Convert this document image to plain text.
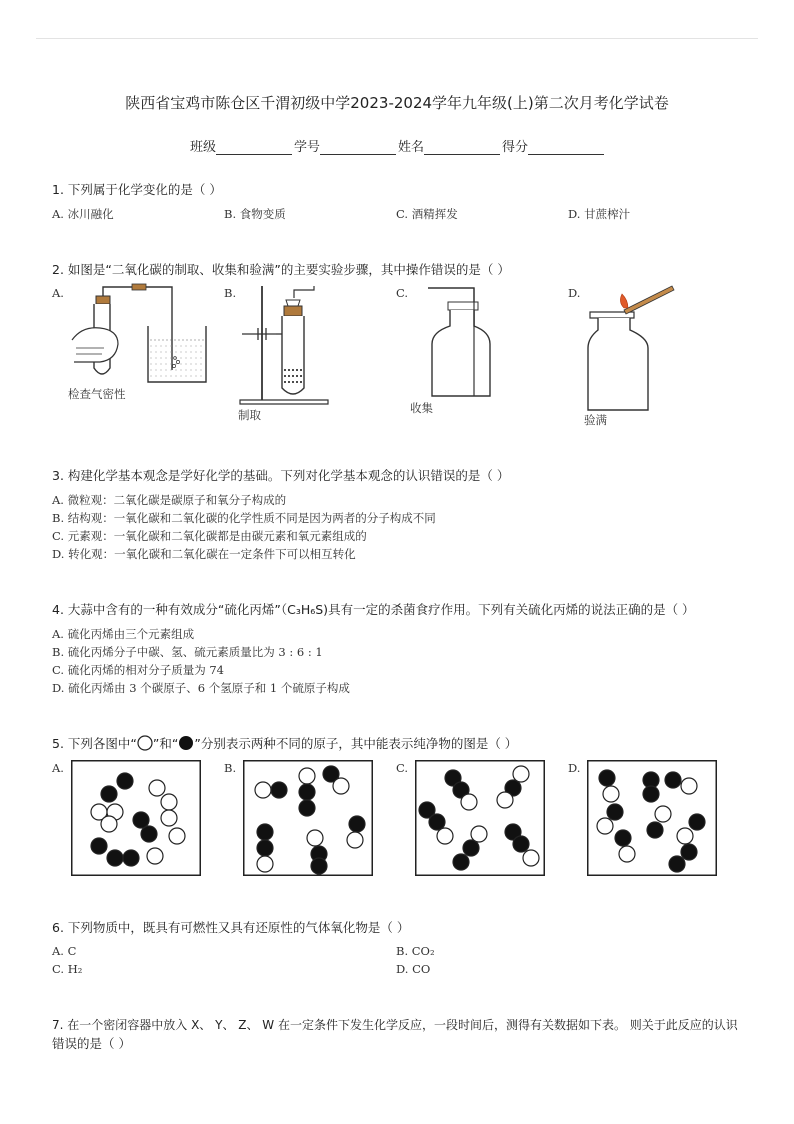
陕西省宝鸡市陈仓区千渭初级中学2023-2024学年九年级(上)第二次月考化学试卷
班级	学号	姓名	得分
1. 下列属于化学变化的是（ ）
A. 冰川融化	B. 食物变质	C. 酒精挥发	D. 甘蔗榨汁
2. 如图是“二氧化碳的制取、收集和验满”的主要实验步骤，其中操作错误的是（ ）
A.	B.	C.	D.
检查气密性
制取	收集
验满
3. 构建化学基本观念是学好化学的基础。下列对化学基本观念的认识错误的是（ ）
A. 微粒观：二氧化碳是碳原子和氧分子构成的
B. 结构观：一氧化碳和二氧化碳的化学性质不同是因为两者的分子构成不同
C. 元素观：一氧化碳和二氧化碳都是由碳元素和氧元素组成的
D. 转化观：一氧化碳和二氧化碳在一定条件下可以相互转化
4. 大蒜中含有的一种有效成分“硫化丙烯”（C₃H₆S)具有一定的杀菌食疗作用。下列有关硫化丙烯的说法正确的是（ ）
A. 硫化丙烯由三个元素组成
B. 硫化丙烯分子中碳、氢、硫元素质量比为 3 : 6 : 1
C. 硫化丙烯的相对分子质量为 74
D. 硫化丙烯由 3 个碳原子、6 个氢原子和 1 个硫原子构成
5. 下列各图中“ ”和“ ”分别表示两种不同的原子，其中能表示纯净物的图是（ ）
A.	B.	C.	D.
6. 下列物质中，既具有可燃性又具有还原性的气体氧化物是（ ）
A. C	B. CO₂
C. H₂	D. CO
7. 在一个密闭容器中放入 X、 Y、 Z、 W 在一定条件下发生化学反应，一段时间后，测得有关数据如下表。 则关于此反应的认识
错误的是（ ）
